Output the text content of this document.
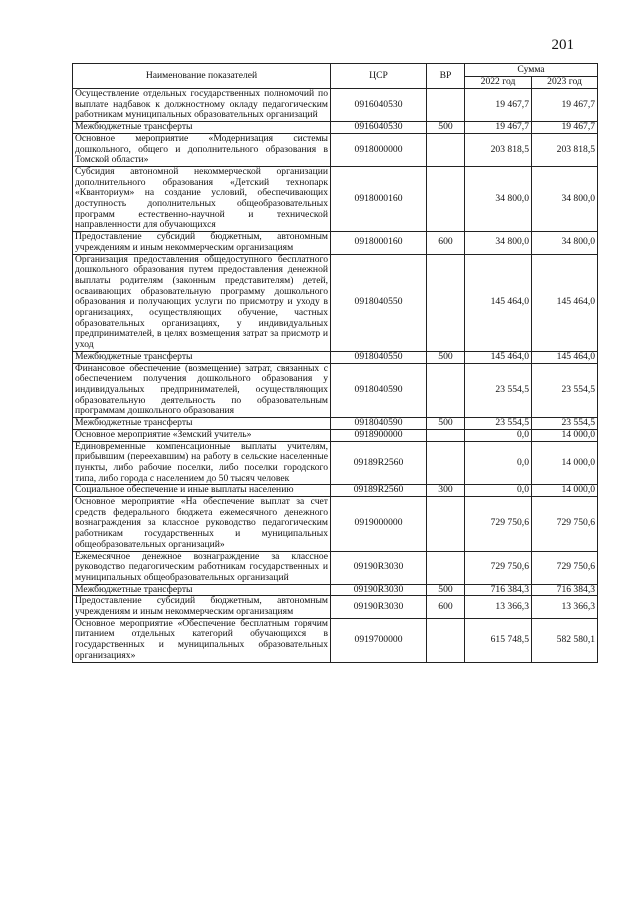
201
Наименование показателей	ЦСР	ВР	Сумма	
			2022 год	2023 год
Осуществление отдельных государственных полномочий по выплате надбавок к должностному окладу педагогическим работникам муниципальных образовательных организаций	0916040530		19 467,7	19 467,7
Межбюджетные трансферты	0916040530	500	19 467,7	19 467,7
Основное мероприятие «Модернизация системы дошкольного, общего и дополнительного образования в Томской области»	0918000000		203 818,5	203 818,5
Субсидия автономной некоммерческой организации дополнительного образования «Детский технопарк «Кванториум» на создание условий, обеспечивающих доступность дополнительных общеобразовательных программ естественно-научной и технической направленности для обучающихся	0918000160		34 800,0	34 800,0
Предоставление субсидий бюджетным, автономным учреждениям и иным некоммерческим организациям	0918000160	600	34 800,0	34 800,0
Организация предоставления общедоступного бесплатного дошкольного образования путем предоставления денежной выплаты родителям (законным представителям) детей, осваивающих образовательную программу дошкольного образования и получающих услуги по присмотру и уходу в организациях, осуществляющих обучение, частных образовательных организациях, у индивидуальных предпринимателей, в целях возмещения затрат за присмотр и уход	0918040550		145 464,0	145 464,0
Межбюджетные трансферты	0918040550	500	145 464,0	145 464,0
Финансовое обеспечение (возмещение) затрат, связанных с обеспечением получения дошкольного образования у индивидуальных предпринимателей, осуществляющих образовательную деятельность по образовательным программам дошкольного образования	0918040590		23 554,5	23 554,5
Межбюджетные трансферты	0918040590	500	23 554,5	23 554,5
Основное мероприятие «Земский учитель»	0918900000		0,0	14 000,0
Единовременные компенсационные выплаты учителям, прибывшим (переехавшим) на работу в сельские населенные пункты, либо рабочие поселки, либо поселки городского типа, либо города с населением до 50 тысяч человек	09189R2560		0,0	14 000,0
Социальное обеспечение и иные выплаты населению	09189R2560	300	0,0	14 000,0
Основное мероприятие «На обеспечение выплат за счет средств федерального бюджета ежемесячного денежного вознаграждения за классное руководство педагогическим работникам государственных и муниципальных общеобразовательных организаций»	0919000000		729 750,6	729 750,6
Ежемесячное денежное вознаграждение за классное руководство педагогическим работникам государственных и муниципальных общеобразовательных организаций	09190R3030		729 750,6	729 750,6
Межбюджетные трансферты	09190R3030	500	716 384,3	716 384,3
Предоставление субсидий бюджетным, автономным учреждениям и иным некоммерческим организациям	09190R3030	600	13 366,3	13 366,3
Основное мероприятие «Обеспечение бесплатным горячим питанием отдельных категорий обучающихся в государственных и муниципальных образовательных организациях»	0919700000		615 748,5	582 580,1
